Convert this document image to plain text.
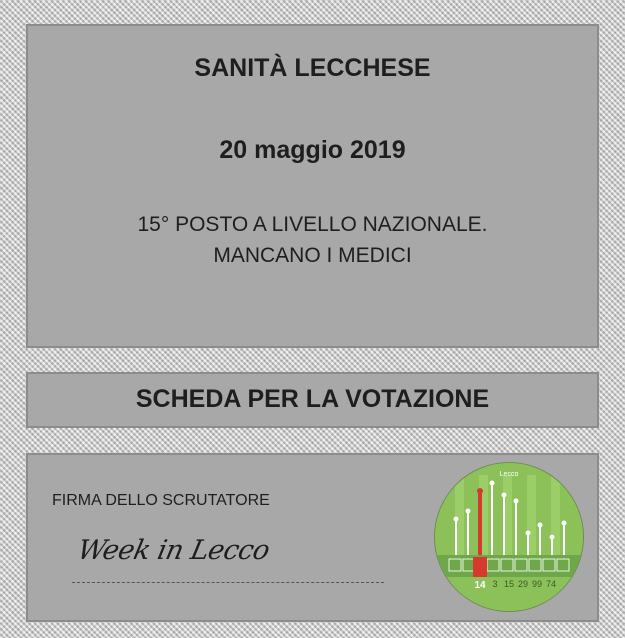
SANITÀ LECCHESE
20 maggio 2019
15° POSTO A LIVELLO NAZIONALE.
MANCANO I MEDICI
SCHEDA PER LA VOTAZIONE
FIRMA DELLO SCRUTATORE
Week in Lecco
Lecco
14 3 15 29 99 74
